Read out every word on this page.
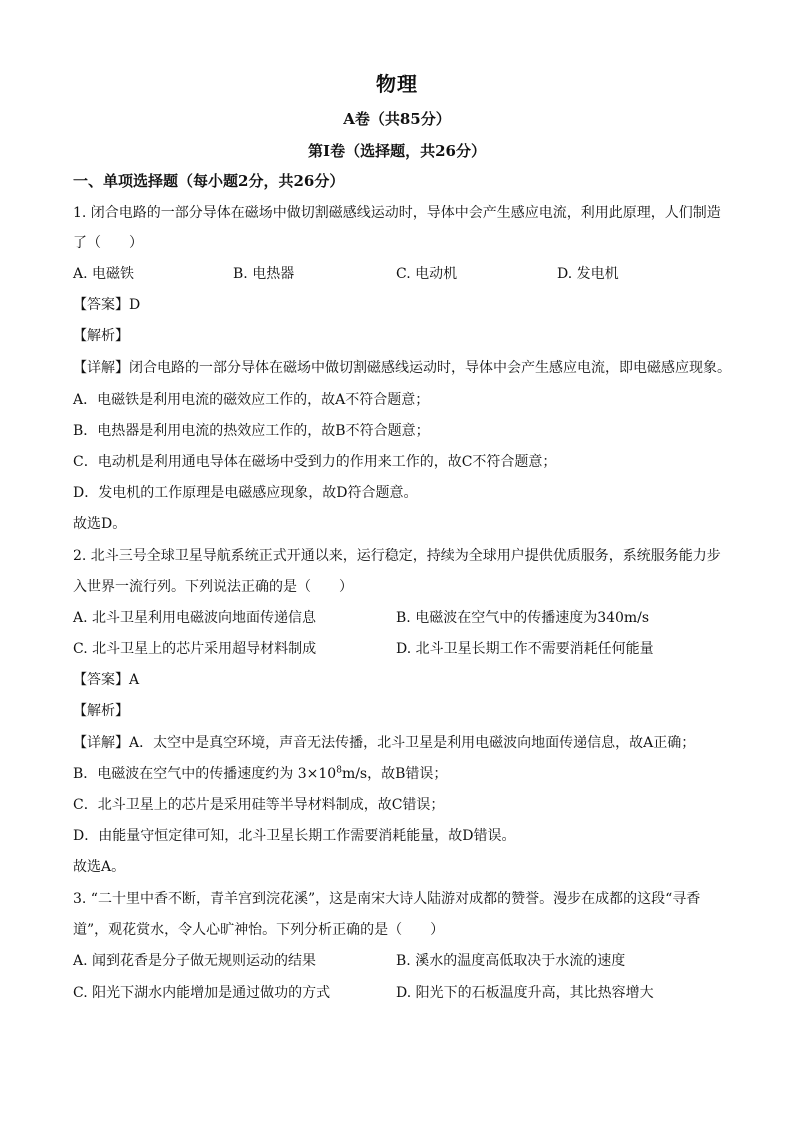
物理
A卷（共85分）
第Ⅰ卷（选择题，共26分）
一、单项选择题（每小题2分，共26分）
1. 闭合电路的一部分导体在磁场中做切割磁感线运动时，导体中会产生感应电流，利用此原理，人们制造
了（　　）
A. 电磁铁	B. 电热器	C. 电动机	D. 发电机
【答案】D
【解析】
【详解】闭合电路的一部分导体在磁场中做切割磁感线运动时，导体中会产生感应电流，即电磁感应现象。
A．电磁铁是利用电流的磁效应工作的，故A不符合题意；
B．电热器是利用电流的热效应工作的，故B不符合题意；
C．电动机是利用通电导体在磁场中受到力的作用来工作的，故C不符合题意；
D．发电机的工作原理是电磁感应现象，故D符合题意。
故选D。
2. 北斗三号全球卫星导航系统正式开通以来，运行稳定，持续为全球用户提供优质服务，系统服务能力步
入世界一流行列。下列说法正确的是（　　）
A. 北斗卫星利用电磁波向地面传递信息	B. 电磁波在空气中的传播速度为340m/s
C. 北斗卫星上的芯片采用超导材料制成	D. 北斗卫星长期工作不需要消耗任何能量
【答案】A
【解析】
【详解】A．太空中是真空环境，声音无法传播，北斗卫星是利用电磁波向地面传递信息，故A正确；
B．电磁波在空气中的传播速度约为 $3\times 10^8m/s$，故B错误；
C．北斗卫星上的芯片是采用硅等半导材料制成，故C错误；
D．由能量守恒定律可知，北斗卫星长期工作需要消耗能量，故D错误。
故选A。
3. “二十里中香不断，青羊宫到浣花溪”，这是南宋大诗人陆游对成都的赞誉。漫步在成都的这段“寻香
道”，观花赏水，令人心旷神怡。下列分析正确的是（　　）
A. 闻到花香是分子做无规则运动的结果	B. 溪水的温度高低取决于水流的速度
C. 阳光下湖水内能增加是通过做功的方式	D. 阳光下的石板温度升高，其比热容增大
